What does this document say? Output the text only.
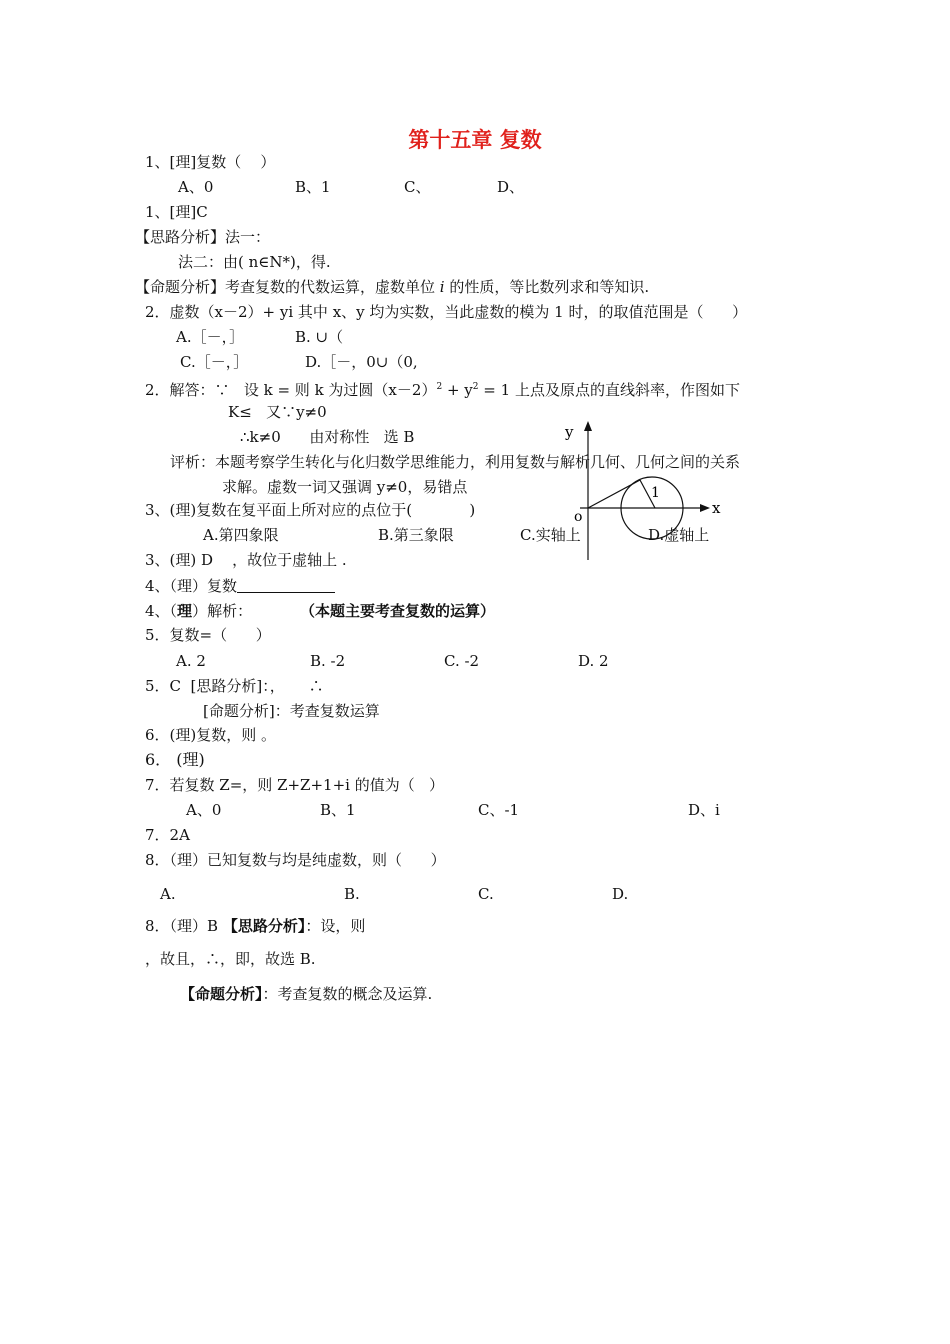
第十五章 复数
1、[理]复数（    ）
A、0	B、1	C、	D、
1、[理]C
【思路分析】法一：
法二：由( n∈N*)，得.
【命题分析】考查复数的代数运算，虚数单位 i 的性质，等比数列求和等知识.
2．虚数（x－2）+ yi 其中 x、y 均为实数，当此虚数的模为 1 时，的取值范围是（      ）
A.［－，］	B. ∪（
C.［－，］	D.［－，0∪（0,
2．解答：∵   设 k = 则 k 为过圆$(x-2)^2 + y^2 = 1$ 上点及原点的直线斜率，作图如下
K≤   又∵y≠0
∴k≠0      由对称性   选 B
评析：本题考察学生转化与化归数学思维能力，利用复数与解析几何、几何之间的关系
求解。虚数一词又强调 y≠0，易错点
y
x
o
1
3、(理)复数在复平面上所对应的点位于(            )
A.第四象限	B.第三象限	C.实轴上	D.虚轴上
3、(理) D    ，故位于虚轴上 .
4、（理）复数
4、（理）解析：	（本题主要考查复数的运算）
5．复数=（      ）
A. 2	B. -2	C. -2	D. 2
5．C  [思路分析]：，     ∴
[命题分析]：考查复数运算
6．(理)复数，则 。
6． (理)
7．若复数 Z=，则 Z+Z+1+i 的值为（   ）
A、0	B、1	C、-1	D、i
7．2A
8．（理）已知复数与均是纯虚数，则（      ）
A.	B.	C.	D.
8．（理）B 【思路分析】：设，则
，故且，∴，即，故选 B.
【命题分析】：考查复数的概念及运算.
